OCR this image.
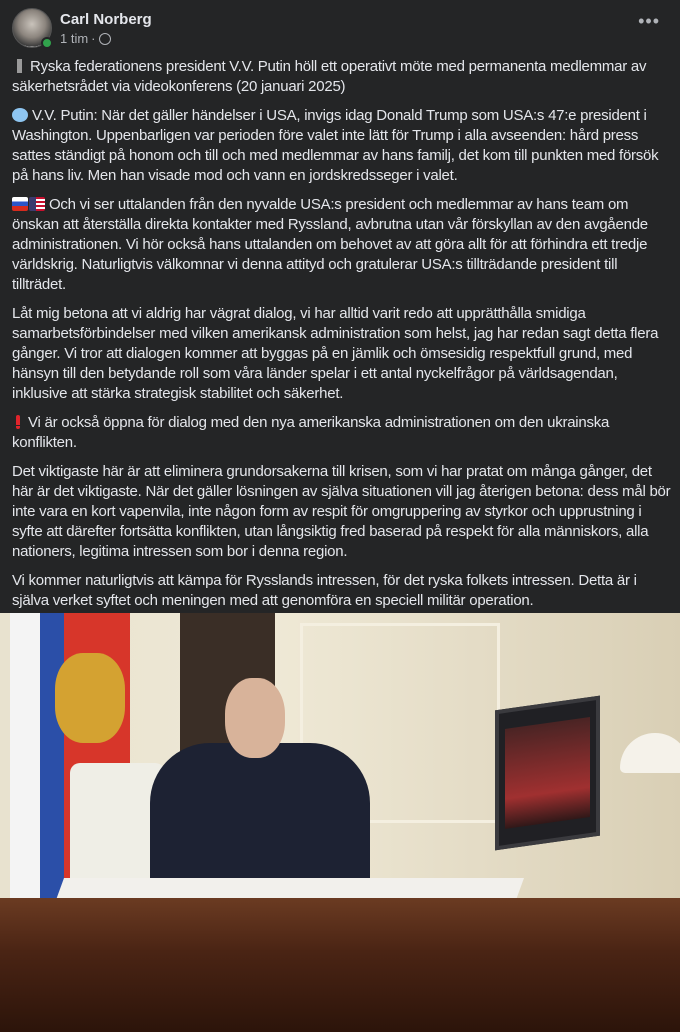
Carl Norberg
1 tim ·
•••

Ryska federationens president V.V. Putin höll ett operativt möte med permanenta medlemmar av säkerhetsrådet via videokonferens (20 januari 2025)

V.V. Putin: När det gäller händelser i USA, invigs idag Donald Trump som USA:s 47:e president i Washington. Uppenbarligen var perioden före valet inte lätt för Trump i alla avseenden: hård press sattes ständigt på honom och till och med medlemmar av hans familj, det kom till punkten med försök på hans liv. Men han visade mod och vann en jordskredsseger i valet.

Och vi ser uttalanden från den nyvalde USA:s president och medlemmar av hans team om önskan att återställa direkta kontakter med Ryssland, avbrutna utan vår förskyllan av den avgående administrationen. Vi hör också hans uttalanden om behovet av att göra allt för att förhindra ett tredje världskrig. Naturligtvis välkomnar vi denna attityd och gratulerar USA:s tillträdande president till tillträdet.

Låt mig betona att vi aldrig har vägrat dialog, vi har alltid varit redo att upprätthålla smidiga samarbetsförbindelser med vilken amerikansk administration som helst, jag har redan sagt detta flera gånger. Vi tror att dialogen kommer att byggas på en jämlik och ömsesidig respektfull grund, med hänsyn till den betydande roll som våra länder spelar i ett antal nyckelfrågor på världsagendan, inklusive att stärka strategisk stabilitet och säkerhet.

Vi är också öppna för dialog med den nya amerikanska administrationen om den ukrainska konflikten.

Det viktigaste här är att eliminera grundorsakerna till krisen, som vi har pratat om många gånger, det här är det viktigaste. När det gäller lösningen av själva situationen vill jag återigen betona: dess mål bör inte vara en kort vapenvila, inte någon form av respit för omgruppering av styrkor och upprustning i syfte att därefter fortsätta konflikten, utan långsiktig fred baserad på respekt för alla människors, alla nationers, legitima intressen som bor i denna region.

Vi kommer naturligtvis att kämpa för Rysslands intressen, för det ryska folkets intressen. Detta är i själva verket syftet och meningen med att genomföra en speciell militär operation.
